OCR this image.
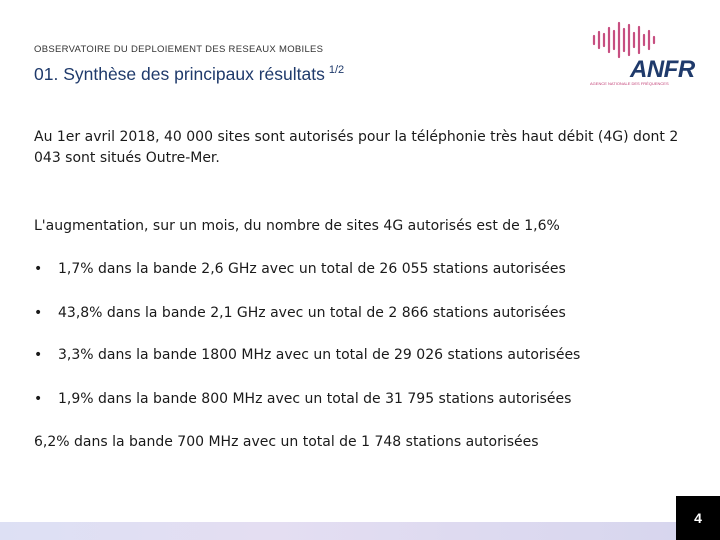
OBSERVATOIRE DU DEPLOIEMENT DES RESEAUX MOBILES
01. Synthèse des principaux résultats $^{1/2}$	ANFR
AGENCE NATIONALE DES FRÉQUENCES
Au 1er avril 2018, 40 000 sites sont autorisés pour la téléphonie très haut débit (4G) dont 2 043 sont situés Outre-Mer.
L'augmentation, sur un mois, du nombre de sites 4G autorisés est de 1,6%
• 1,7% dans la bande 2,6 GHz avec un total de 26 055 stations autorisées
• 43,8% dans la bande 2,1 GHz avec un total de 2 866 stations autorisées
• 3,3% dans la bande 1800 MHz avec un total de 29 026 stations autorisées
• 1,9% dans la bande 800 MHz avec un total de 31 795 stations autorisées
6,2% dans la bande 700 MHz avec un total de 1 748 stations autorisées
4
